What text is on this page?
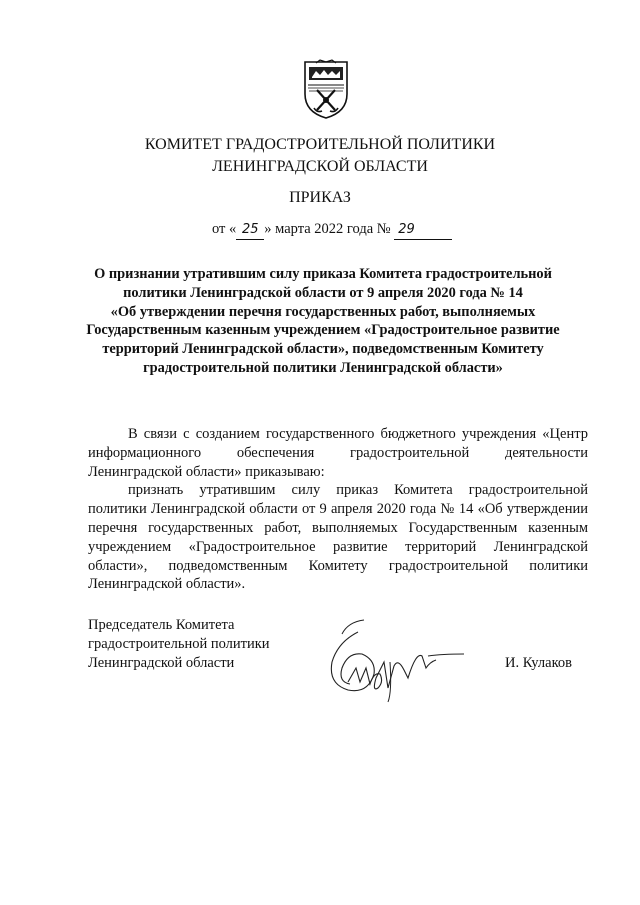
КОМИТЕТ ГРАДОСТРОИТЕЛЬНОЙ ПОЛИТИКИ
ЛЕНИНГРАДСКОЙ ОБЛАСТИ
ПРИКАЗ
от « 25 » марта 2022 года № 29
О признании утратившим силу приказа Комитета градостроительной
политики Ленинградской области от 9 апреля 2020 года № 14
«Об утверждении перечня государственных работ, выполняемых
Государственным казенным учреждением «Градостроительное развитие
территорий Ленинградской области», подведомственным Комитету
градостроительной политики Ленинградской области»

В связи с созданием государственного бюджетного учреждения «Центр информационного обеспечения градостроительной деятельности Ленинградской области» приказываю:

признать утратившим силу приказ Комитета градостроительной политики Ленинградской области от 9 апреля 2020 года № 14 «Об утверждении перечня государственных работ, выполняемых Государственным казенным учреждением «Градостроительное развитие территорий Ленинградской области», подведомственным Комитету градостроительной политики Ленинградской области».

Председатель Комитета
градостроительной политики
Ленинградской области	И. Кулаков
